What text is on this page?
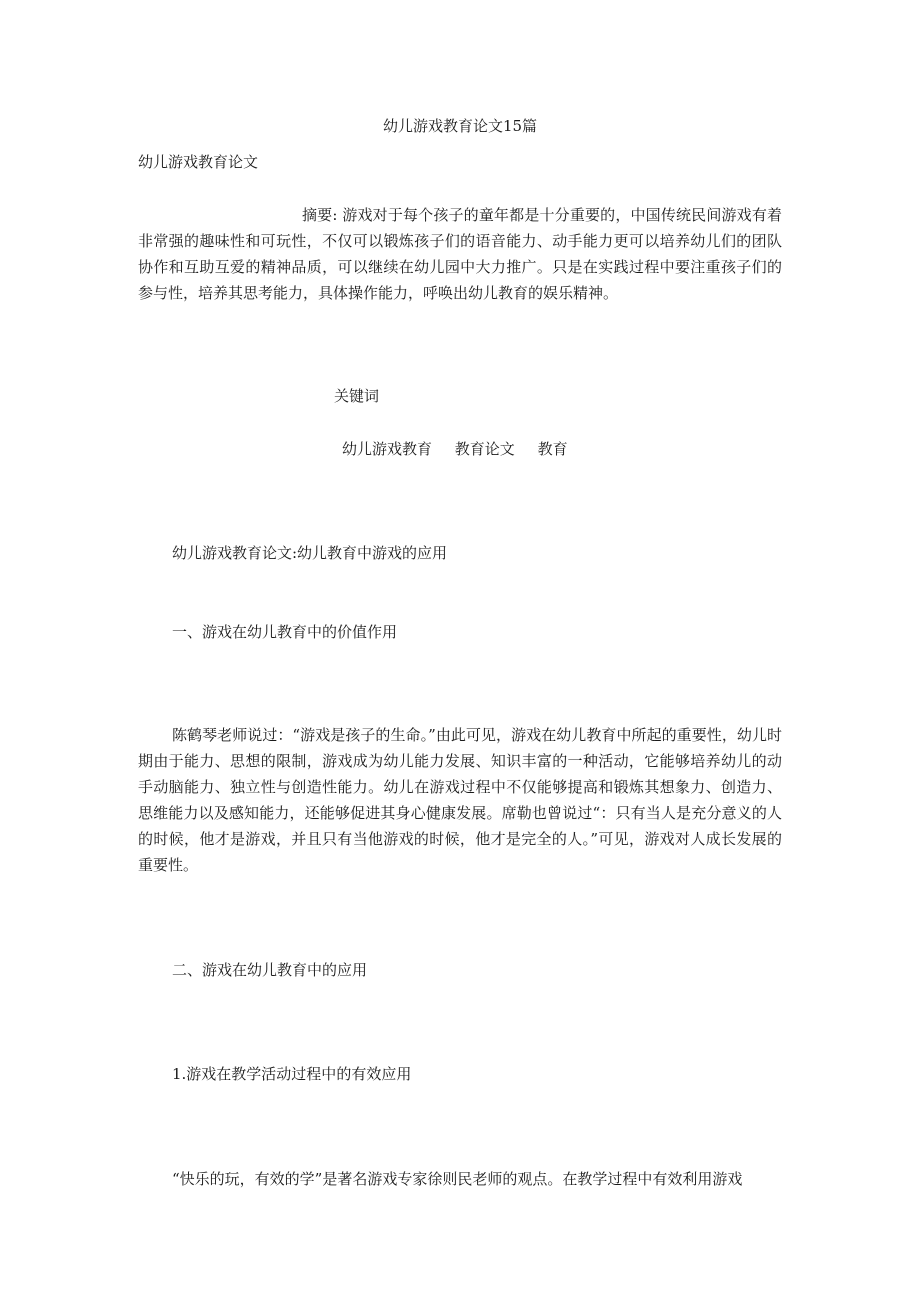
幼儿游戏教育论文15篇
幼儿游戏教育论文

摘要: 游戏对于每个孩子的童年都是十分重要的，中国传统民间游戏有着非常强的趣味性和可玩性，不仅可以锻炼孩子们的语音能力、动手能力更可以培养幼儿们的团队协作和互助互爱的精神品质，可以继续在幼儿园中大力推广。只是在实践过程中要注重孩子们的参与性，培养其思考能力，具体操作能力，呼唤出幼儿教育的娱乐精神。

关键词
幼儿游戏教育 教育论文 教育
幼儿游戏教育论文:幼儿教育中游戏的应用
一、游戏在幼儿教育中的价值作用

陈鹤琴老师说过：“游戏是孩子的生命。”由此可见，游戏在幼儿教育中所起的重要性，幼儿时期由于能力、思想的限制，游戏成为幼儿能力发展、知识丰富的一种活动，它能够培养幼儿的动手动脑能力、独立性与创造性能力。幼儿在游戏过程中不仅能够提高和锻炼其想象力、创造力、思维能力以及感知能力，还能够促进其身心健康发展。席勒也曾说过“：只有当人是充分意义的人的时候，他才是游戏，并且只有当他游戏的时候，他才是完全的人。”可见，游戏对人成长发展的重要性。

二、游戏在幼儿教育中的应用
1.游戏在教学活动过程中的有效应用

“快乐的玩，有效的学”是著名游戏专家徐则民老师的观点。在教学过程中有效利用游戏
